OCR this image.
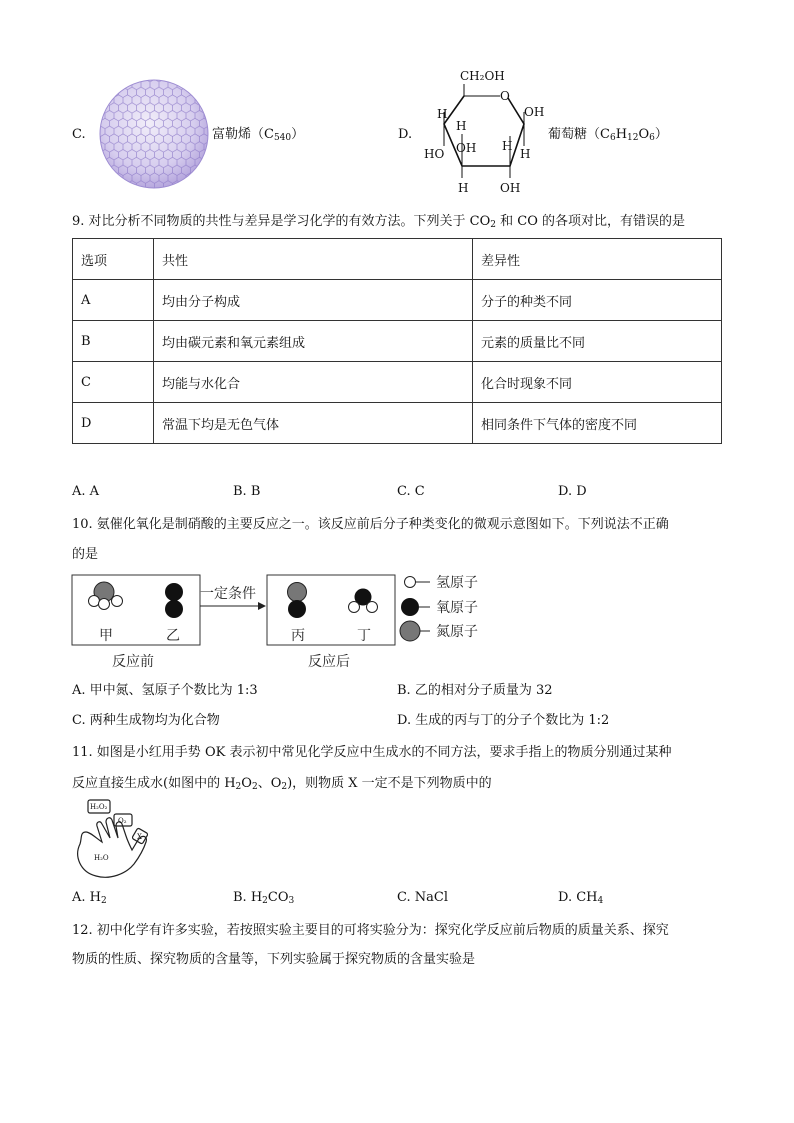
C.	富勒烯$(C_{540})$	D.
CH₂OH
O
OH
H
H
HO
H
OH H
H	OH
葡萄糖$(C_6H_{12}O_6)$
9. 对比分析不同物质的共性与差异是学习化学的有效方法。下列关于 $CO_2$ 和 CO 的各项对比，有错误的是
选项	共性	差异性
A	均由分子构成	分子的种类不同
B	均由碳元素和氧元素组成	元素的质量比不同
C	均能与水化合	化合时现象不同
D	常温下均是无色气体	相同条件下气体的密度不同
A. A	B. B	C. C	D. D
10. 氨催化氧化是制硝酸的主要反应之一。该反应前后分子种类变化的微观示意图如下。下列说法不正确
的是
甲	乙
反应前
一定条件
丙	丁
反应后
氢原子
氧原子
氮原子
A. 甲中氮、氢原子个数比为 1:3	B. 乙的相对分子质量为 32
C. 两种生成物均为化合物	D. 生成的丙与丁的分子个数比为 1:2
11. 如图是小红用手势 OK 表示初中常见化学反应中生成水的不同方法，要求手指上的物质分别通过某种
反应直接生成水(如图中的 $H_2O_2$、$O_2$)，则物质 X 一定不是下列物质中的
H₂O₂
O₂
X
H₂O
A. $H_2$	B. $H_2CO_3$	C. NaCl	D. $CH_4$
12. 初中化学有许多实验，若按照实验主要目的可将实验分为：探究化学反应前后物质的质量关系、探究
物质的性质、探究物质的含量等，下列实验属于探究物质的含量实验是
